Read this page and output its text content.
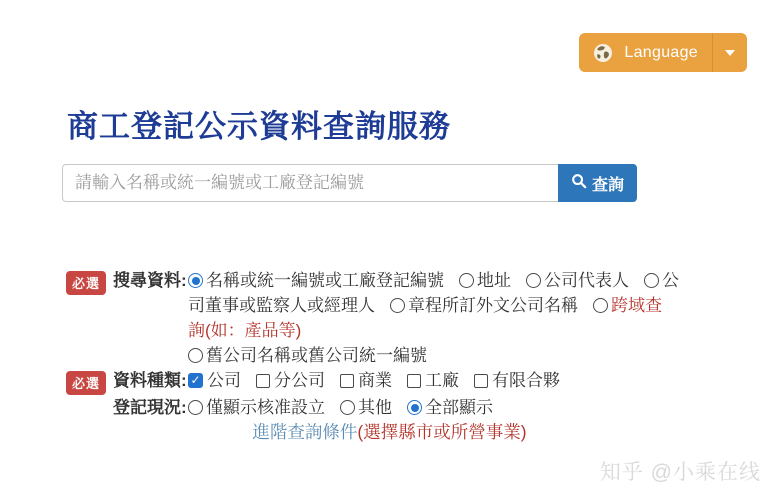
Language
商工登記公示資料查詢服務
請輸入名稱或統一編號或工廠登記編號
查詢
必選 搜尋資料:	名稱或統一編號或工廠登記編號 地址 公司代表人 公
司董事或監察人或經理人 章程所訂外文公司名稱 跨域查
詢(如：產品等)
舊公司名稱或舊公司統一編號
必選 資料種類: ✓	公司 分公司 商業 工廠 有限合夥
登記現況:	僅顯示核准設立 其他 全部顯示
進階查詢條件(選擇縣市或所營事業)
知乎 @小乘在线
